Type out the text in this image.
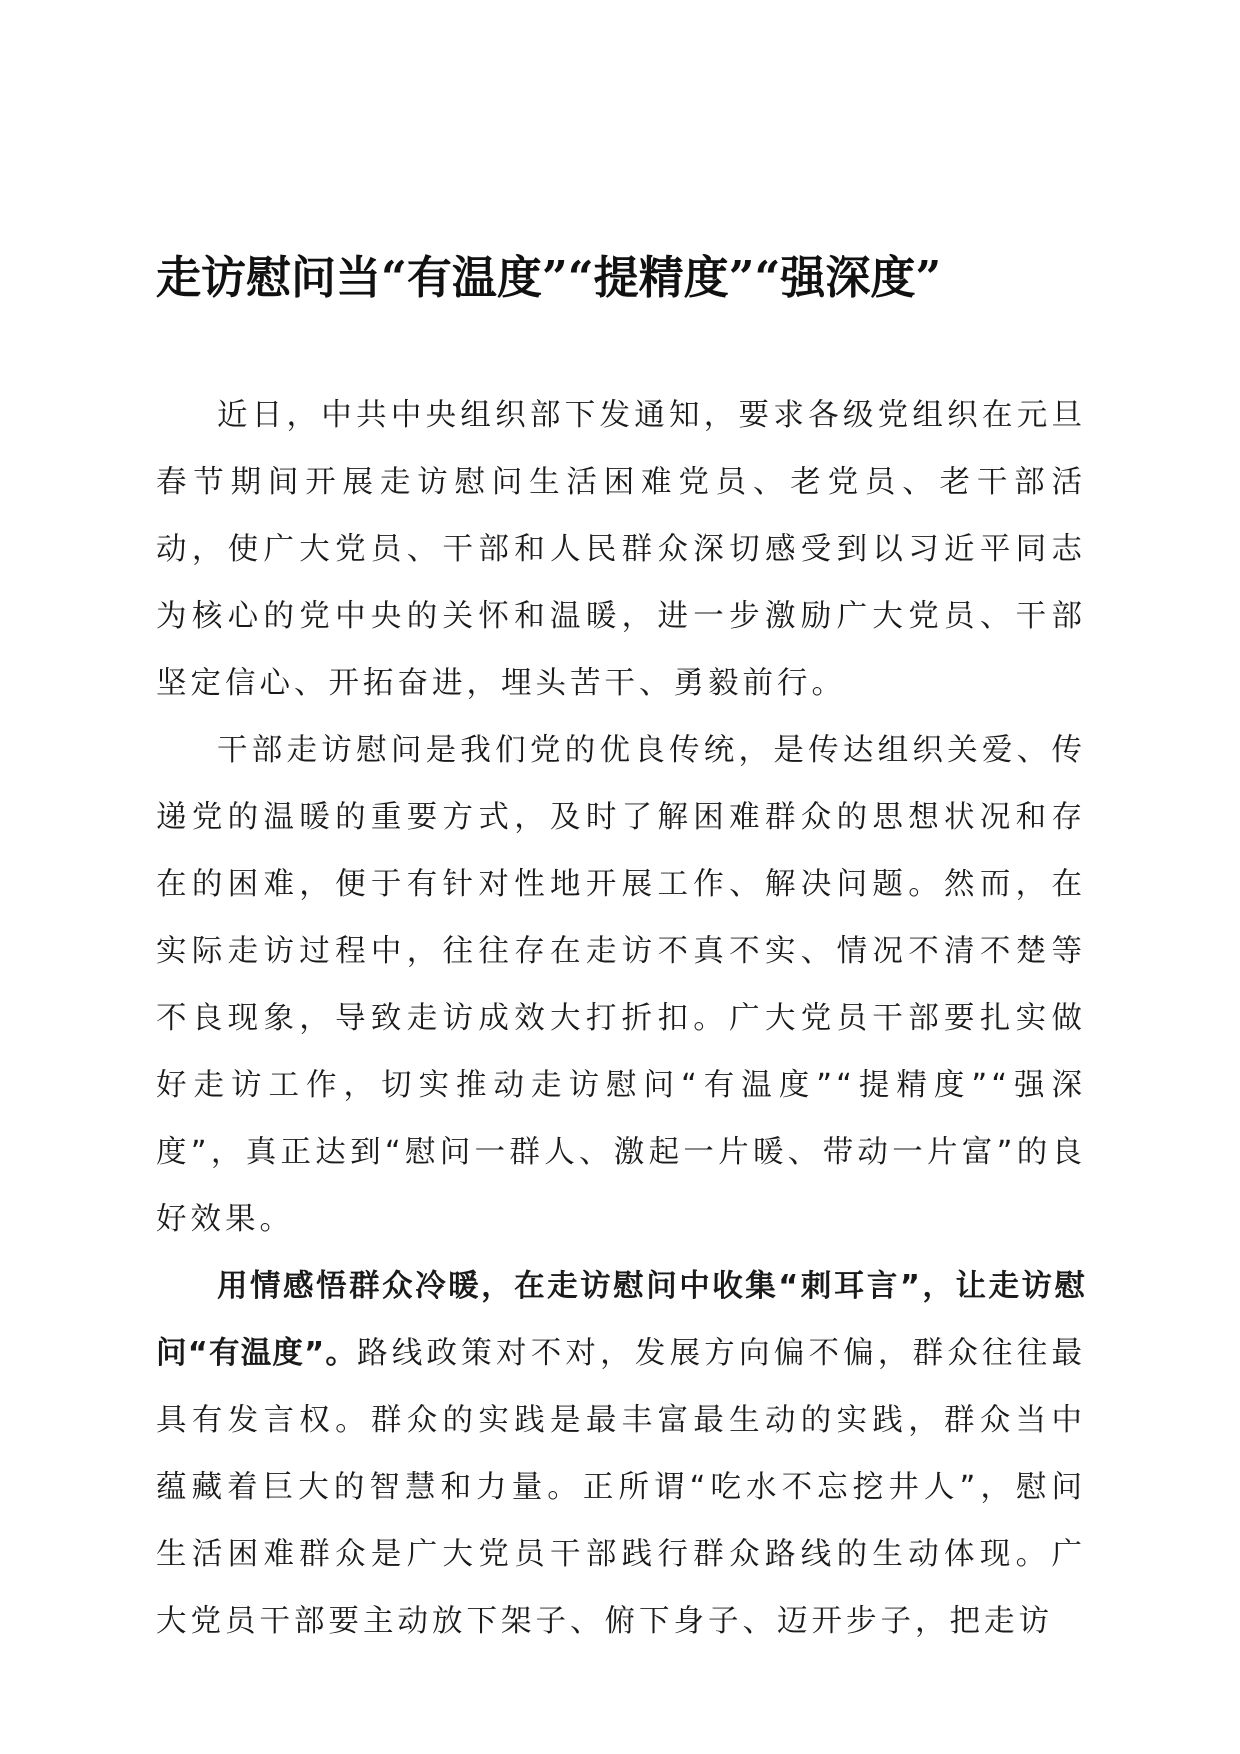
走访慰问当“有温度”“提精度”“强深度”

近日，中共中央组织部下发通知，要求各级党组织在元旦春节期间开展走访慰问生活困难党员、老党员、老干部活动，使广大党员、干部和人民群众深切感受到以习近平同志为核心的党中央的关怀和温暖，进一步激励广大党员、干部坚定信心、开拓奋进，埋头苦干、勇毅前行。

干部走访慰问是我们党的优良传统，是传达组织关爱、传递党的温暖的重要方式，及时了解困难群众的思想状况和存在的困难，便于有针对性地开展工作、解决问题。然而，在实际走访过程中，往往存在走访不真不实、情况不清不楚等不良现象，导致走访成效大打折扣。广大党员干部要扎实做好走访工作，切实推动走访慰问“有温度”“提精度”“强深度”，真正达到“慰问一群人、激起一片暖、带动一片富”的良好效果。

用情感悟群众冷暖，在走访慰问中收集“刺耳言”，让走访慰问“有温度”。路线政策对不对，发展方向偏不偏，群众往往最具有发言权。群众的实践是最丰富最生动的实践，群众当中蕴藏着巨大的智慧和力量。正所谓“吃水不忘挖井人”，慰问生活困难群众是广大党员干部践行群众路线的生动体现。广大党员干部要主动放下架子、俯下身子、迈开步子，把走访
